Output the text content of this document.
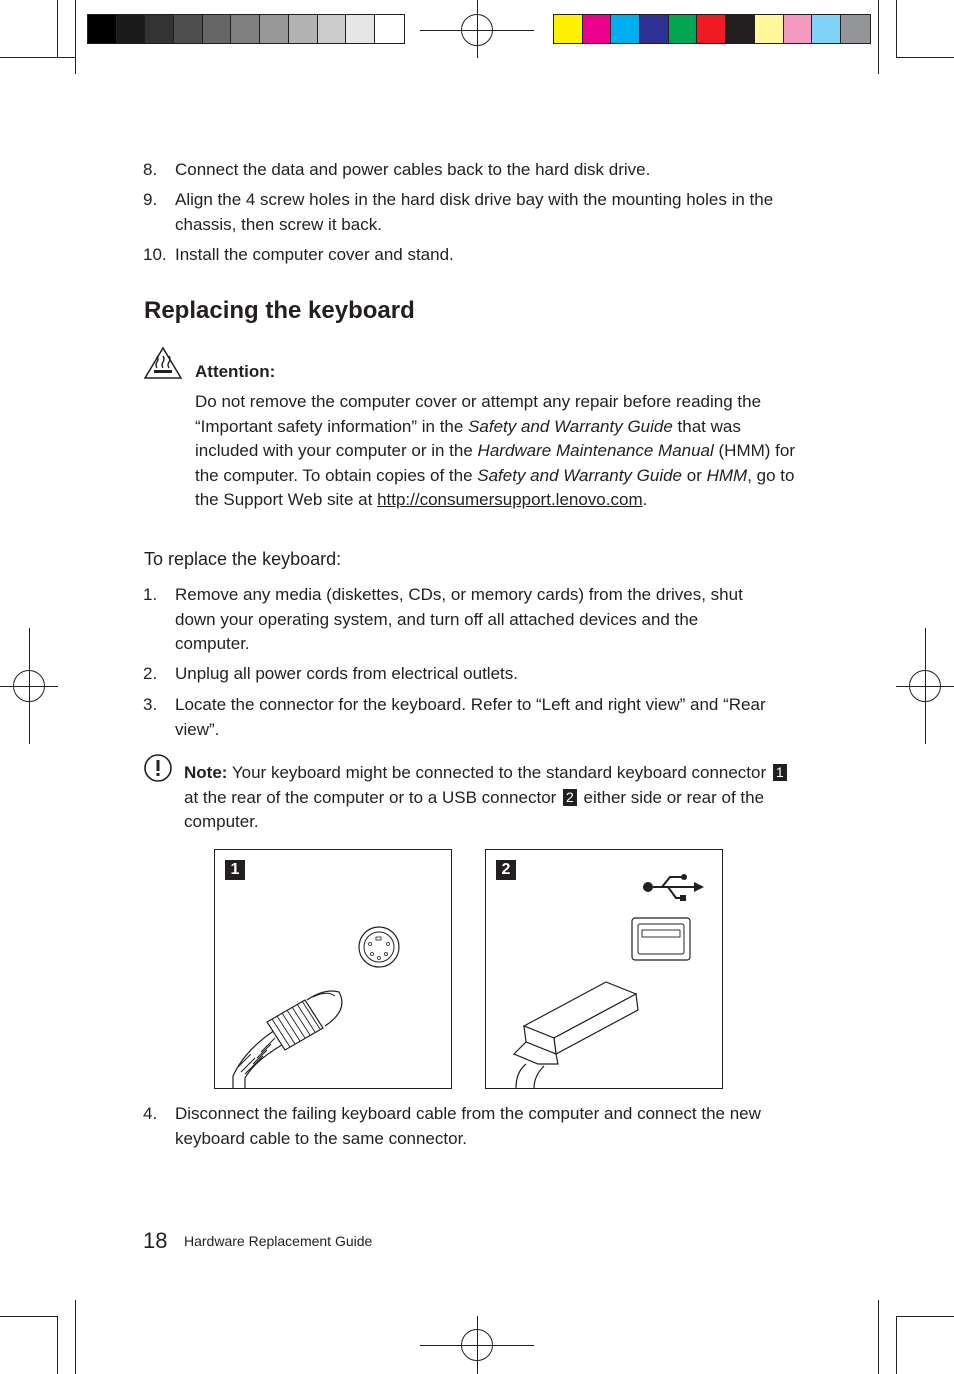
8. Connect the data and power cables back to the hard disk drive.
9. Align the 4 screw holes in the hard disk drive bay with the mounting holes in the chassis, then screw it back.
10. Install the computer cover and stand.
Replacing the keyboard
Attention:
Do not remove the computer cover or attempt any repair before reading the “Important safety information” in the Safety and Warranty Guide that was included with your computer or in the Hardware Maintenance Manual (HMM) for the computer. To obtain copies of the Safety and Warranty Guide or HMM, go to the Support Web site at http://consumersupport.lenovo.com.
To replace the keyboard:
1. Remove any media (diskettes, CDs, or memory cards) from the drives, shut down your operating system, and turn off all attached devices and the computer.
2. Unplug all power cords from electrical outlets.
3. Locate the connector for the keyboard. Refer to “Left and right view” and “Rear view”.
Note: Your keyboard might be connected to the standard keyboard connector 1 at the rear of the computer or to a USB connector 2 either side or rear of the computer.
1	2
4. Disconnect the failing keyboard cable from the computer and connect the new keyboard cable to the same connector.
18 Hardware Replacement Guide
